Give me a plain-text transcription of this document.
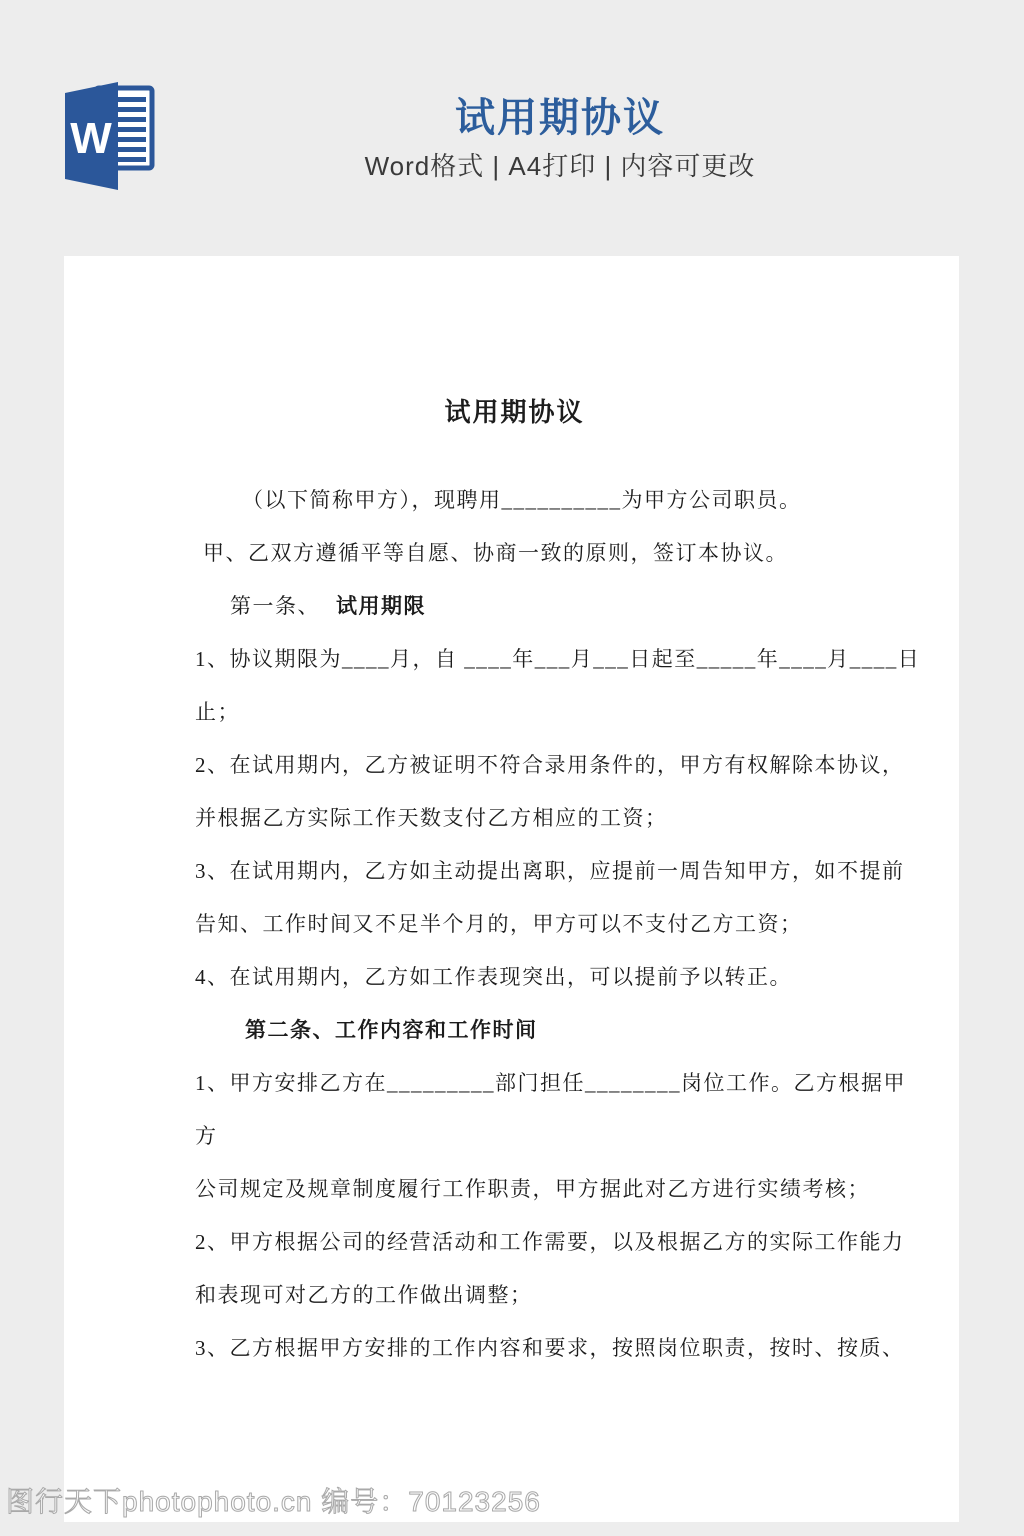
W	试用期协议
Word格式 | A4打印 | 内容可更改
试用期协议
（以下简称甲方），现聘用__________为甲方公司职员。
甲、乙双方遵循平等自愿、协商一致的原则，签订本协议。
第一条、 试用期限
1、协议期限为____月，自 ____年___月___日起至_____年____月____日
止；
2、在试用期内，乙方被证明不符合录用条件的，甲方有权解除本协议，
并根据乙方实际工作天数支付乙方相应的工资；
3、在试用期内，乙方如主动提出离职，应提前一周告知甲方，如不提前
告知、工作时间又不足半个月的，甲方可以不支付乙方工资；
4、在试用期内，乙方如工作表现突出，可以提前予以转正。
第二条、工作内容和工作时间
1、甲方安排乙方在_________部门担任________岗位工作。乙方根据甲
方
公司规定及规章制度履行工作职责，甲方据此对乙方进行实绩考核；
2、甲方根据公司的经营活动和工作需要，以及根据乙方的实际工作能力
和表现可对乙方的工作做出调整；
3、乙方根据甲方安排的工作内容和要求，按照岗位职责，按时、按质、
图行天下photophoto.cn 编号：70123256
